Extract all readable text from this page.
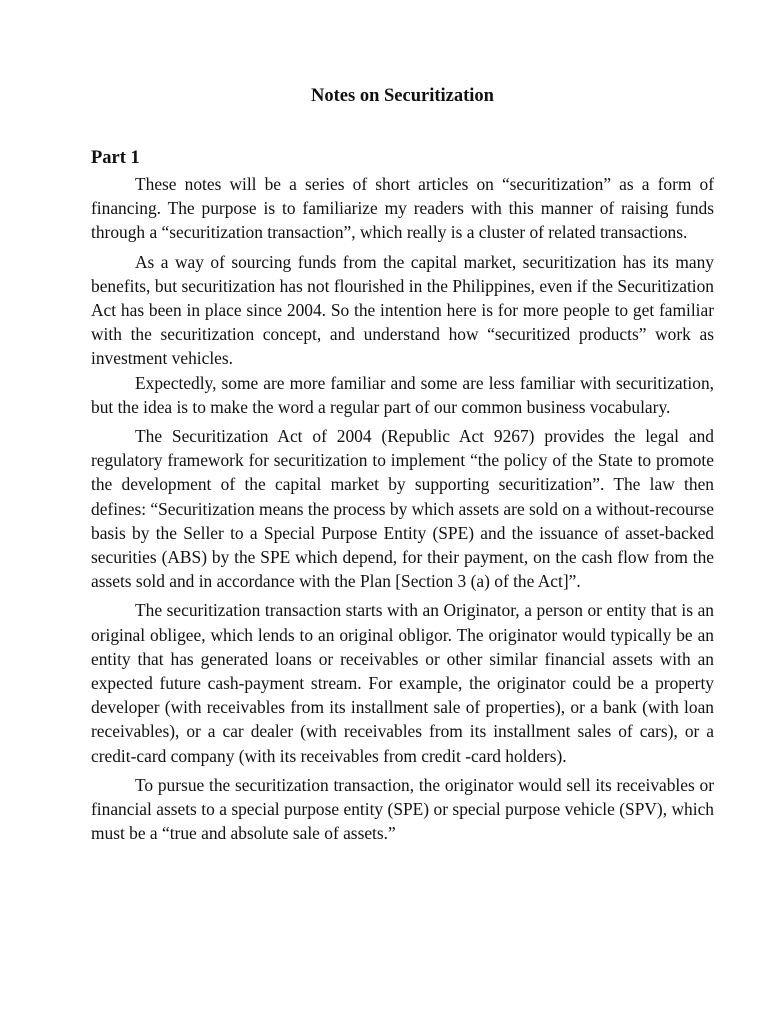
Notes on Securitization
Part 1

These notes will be a series of short articles on “securitization” as a form of financing. The purpose is to familiarize my readers with this manner of raising funds through a “securitization transaction”, which really is a cluster of related transactions.

As a way of sourcing funds from the capital market, securitization has its many benefits, but securitization has not flourished in the Philippines, even if the Securitization Act has been in place since 2004. So the intention here is for more people to get familiar with the securitization concept, and understand how “securitized products” work as investment vehicles.

Expectedly, some are more familiar and some are less familiar with securitization, but the idea is to make the word a regular part of our common business vocabulary.

The Securitization Act of 2004 (Republic Act 9267) provides the legal and regulatory framework for securitization to implement “the policy of the State to promote the development of the capital market by supporting securitization”. The law then defines: “Securitization means the process by which assets are sold on a without-recourse basis by the Seller to a Special Purpose Entity (SPE) and the issuance of asset-backed securities (ABS) by the SPE which depend, for their payment, on the cash flow from the assets sold and in accordance with the Plan [Section 3 (a) of the Act]”.

The securitization transaction starts with an Originator, a person or entity that is an original obligee, which lends to an original obligor. The originator would typically be an entity that has generated loans or receivables or other similar financial assets with an expected future cash-payment stream. For example, the originator could be a property developer (with receivables from its installment sale of properties), or a bank (with loan receivables), or a car dealer (with receivables from its installment sales of cars), or a credit-card company (with its receivables from credit -card holders).

To pursue the securitization transaction, the originator would sell its receivables or financial assets to a special purpose entity (SPE) or special purpose vehicle (SPV), which must be a “true and absolute sale of assets.”
